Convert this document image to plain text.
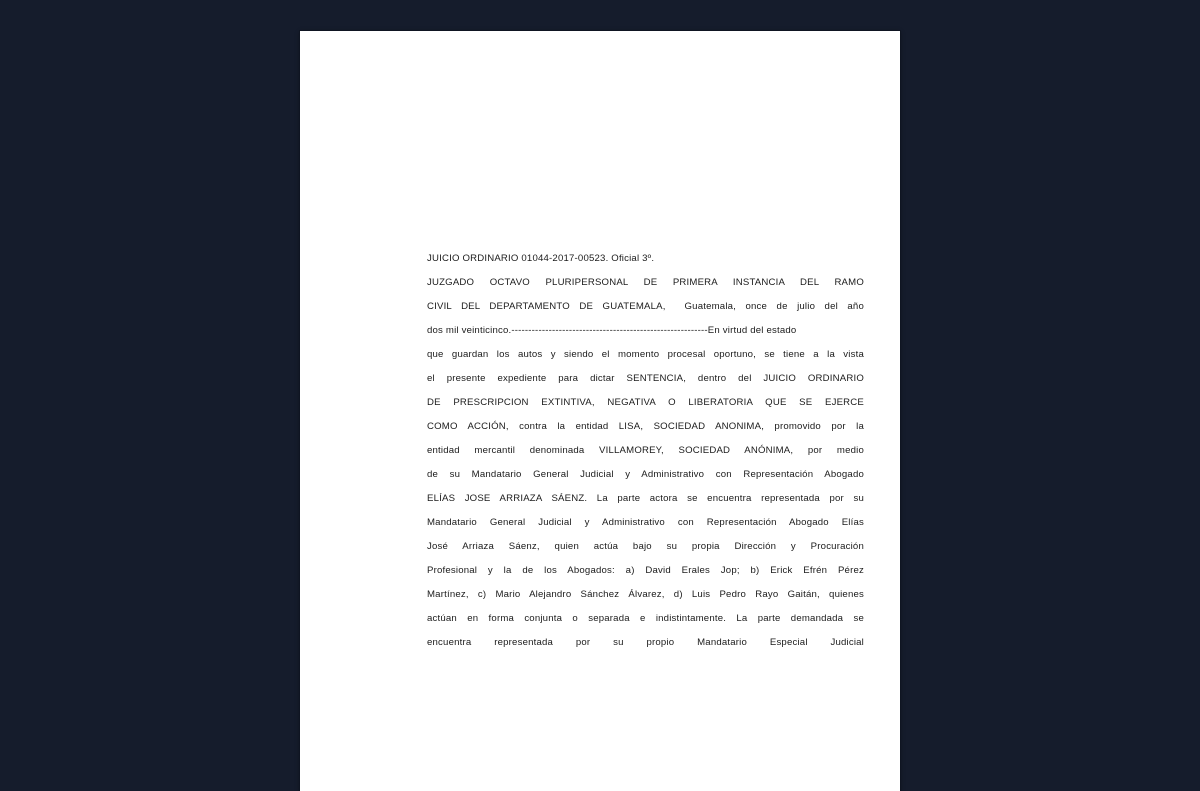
JUICIO ORDINARIO 01044-2017-00523. Oficial 3º.
JUZGADO OCTAVO PLURIPERSONAL DE PRIMERA INSTANCIA DEL RAMO
CIVIL DEL DEPARTAMENTO DE GUATEMALA,  Guatemala, once de julio del año
dos mil veinticinco.----------------------------------------------------------En virtud del estado
que guardan los autos y siendo el momento procesal oportuno, se tiene a la vista
el presente expediente para dictar SENTENCIA, dentro del JUICIO ORDINARIO
DE PRESCRIPCION EXTINTIVA, NEGATIVA O LIBERATORIA QUE SE EJERCE
COMO ACCIÓN, contra la entidad LISA, SOCIEDAD ANONIMA, promovido por la
entidad mercantil denominada VILLAMOREY, SOCIEDAD ANÓNIMA, por medio
de su Mandatario General Judicial y Administrativo con Representación Abogado
ELÍAS JOSE ARRIAZA SÁENZ. La parte actora se encuentra representada por su
Mandatario General Judicial y Administrativo con Representación Abogado Elías
José Arriaza Sáenz, quien actúa bajo su propia Dirección y Procuración
Profesional y la de los Abogados: a) David Erales Jop; b) Erick Efrén Pérez
Martínez, c) Mario Alejandro Sánchez Álvarez, d) Luis Pedro Rayo Gaitán, quienes
actúan en forma conjunta o separada e indistintamente. La parte demandada se
encuentra representada por su propio Mandatario Especial Judicial
